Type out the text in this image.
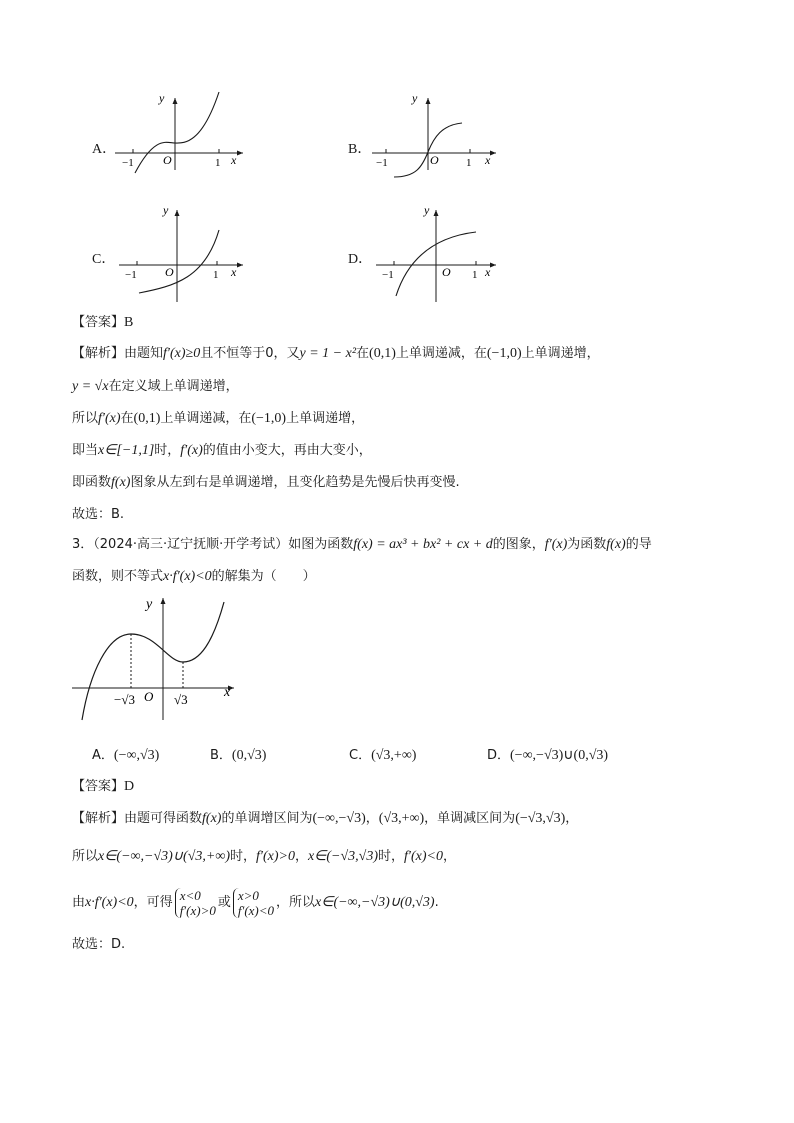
A．
y
x
O
−1	1
B．
y
x
O
−1	1
C．
y
x
O
−1	1
D．
y
x
O
−1	1
【答案】B
【解析】由题知f′(x)≥0且不恒等于0，又y = 1 − x²在(0,1)上单调递减，在(−1,0)上单调递增，
y = √x在定义域上单调递增，
所以f′(x)在(0,1)上单调递减，在(−1,0)上单调递增，
即当x∈[−1,1]时，f′(x)的值由小变大，再由大变小，
即函数f(x)图象从左到右是单调递增，且变化趋势是先慢后快再变慢.
故选：B.
3．（2024·高三·辽宁抚顺·开学考试）如图为函数f(x) = ax³ + bx² + cx + d的图象，f′(x)为函数f(x)的导
函数，则不等式x·f′(x)<0的解集为（　　）
y
x
O
−√3	√3
A．(−∞,√3)	B．(0,√3)	C．(√3,+∞)	D．(−∞,−√3)∪(0,√3)
【答案】D
【解析】由题可得函数f(x)的单调增区间为(−∞,−√3)，(√3,+∞)，单调减区间为(−√3,√3)，
所以x∈(−∞,−√3)∪(√3,+∞)时，f′(x)>0，x∈(−√3,√3)时，f′(x)<0，
由x·f′(x)<0，可得 x<0
f′(x)>0 或 x>0
f′(x)<0 ，所以x∈(−∞,−√3)∪(0,√3).
故选：D.
